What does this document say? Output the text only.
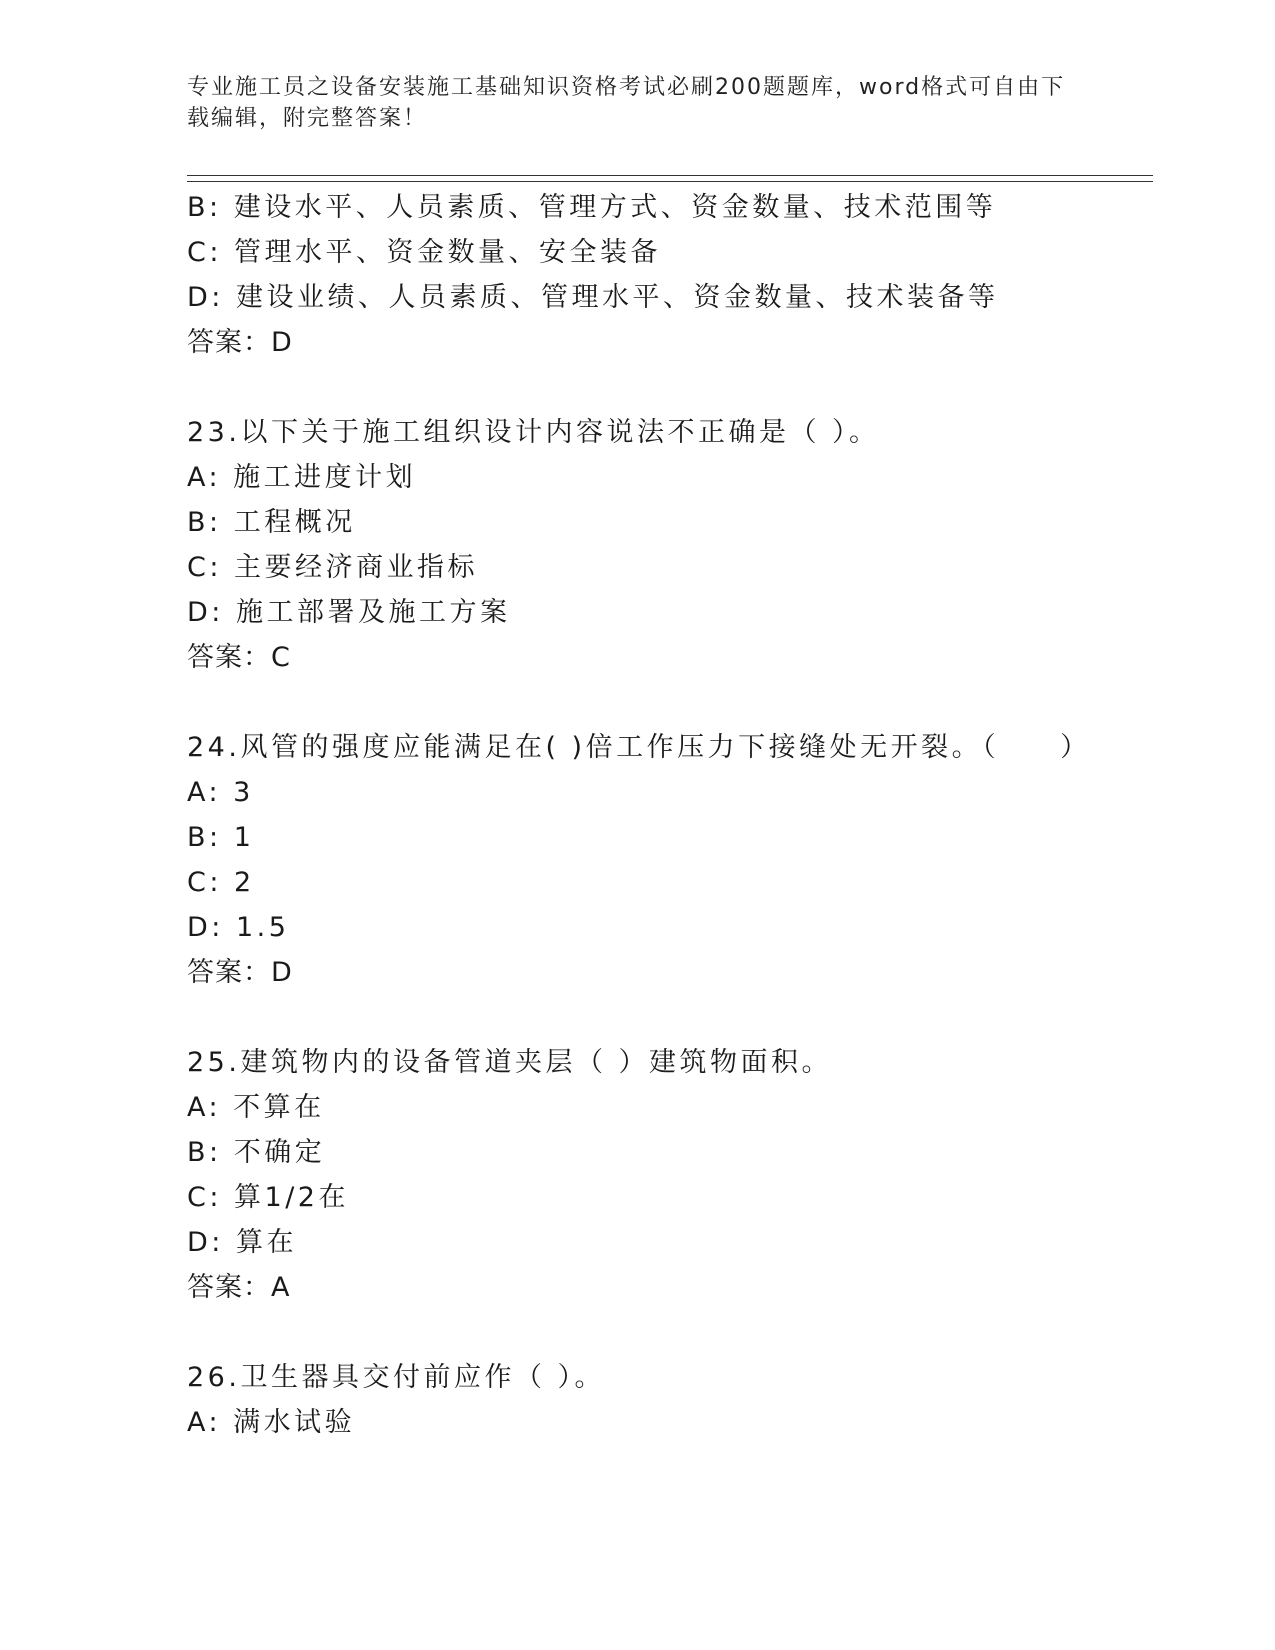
专业施工员之设备安装施工基础知识资格考试必刷200题题库，word格式可自由下载编辑，附完整答案！
B: 建设水平、人员素质、管理方式、资金数量、技术范围等
C: 管理水平、资金数量、安全装备
D: 建设业绩、人员素质、管理水平、资金数量、技术装备等
答案：D
23.以下关于施工组织设计内容说法不正确是（ ）。
A: 施工进度计划
B: 工程概况
C: 主要经济商业指标
D: 施工部署及施工方案
答案：C
24.风管的强度应能满足在( )倍工作压力下接缝处无开裂。（　　）
A: 3
B: 1
C: 2
D: 1.5
答案：D
25.建筑物内的设备管道夹层（ ）建筑物面积。
A: 不算在
B: 不确定
C: 算1/2在
D: 算在
答案：A
26.卫生器具交付前应作（ ）。
A: 满水试验
